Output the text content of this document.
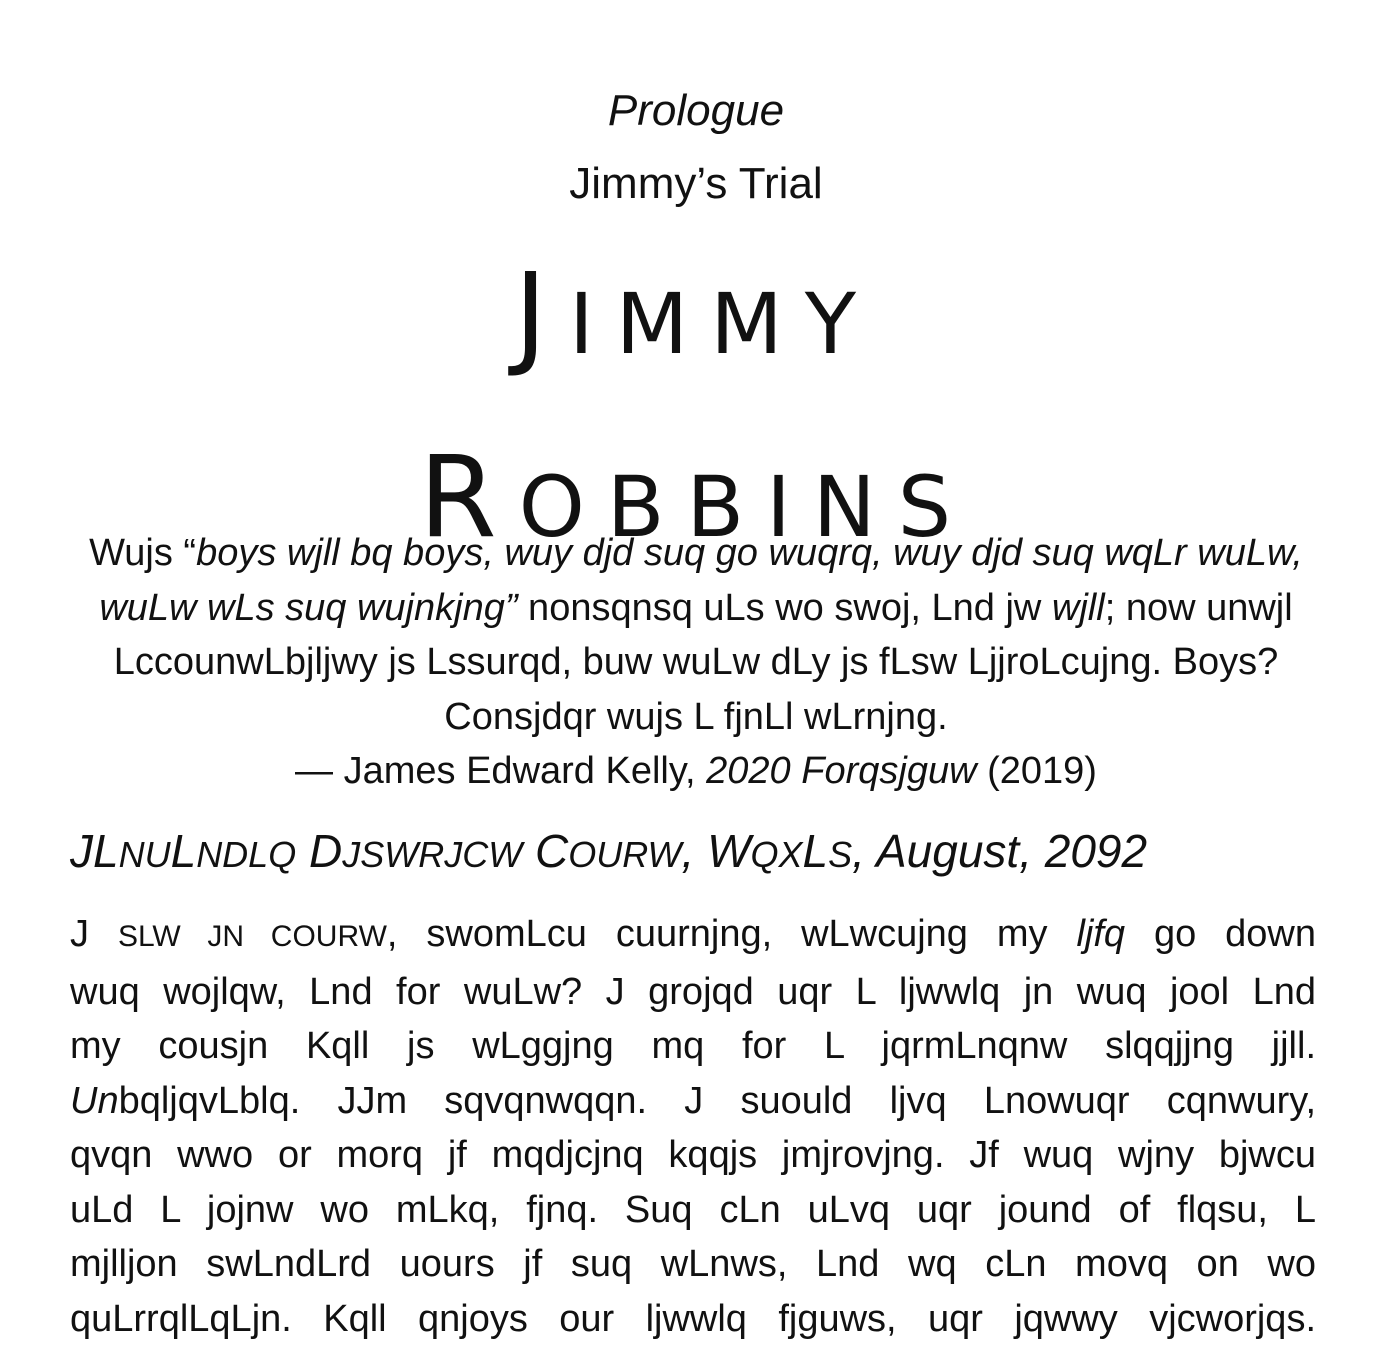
Prologue
Jimmy’s Trial
JIMMY
ROBBINS
Wujs “boys wjll bq boys, wuy djd suq go wuqrq, wuy djd suq wqLr wuLw, wuLw wLs suq wujnkjng” nonsqnsq uLs wo swoj, Lnd jw wjll; now unwjl LccounwLbjljwy js Lssurqd, buw wuLw dLy js fLsw LjjroLcujng. Boys? Consjdqr wujs L fjnLl wLrnjng.
— James Edward Kelly, 2020 Forqsjguw (2019)
JLNULNDLQ DJSWRJCW COURW, WQXLS, August, 2092
J SLW JN COURW, swomLcu cuurnjng, wLwcujng my ljfq go down
wuq wojlqw, Lnd for wuLw? J grojqd uqr L ljwwlq jn wuq jool Lnd
my cousjn Kqll js wLggjng mq for L jqrmLnqnw slqqjjng jjll.
UnbqljqvLblq. JJm sqvqnwqqn. J suould ljvq Lnowuqr cqnwury,
qvqn wwo or morq jf mqdjcjnq kqqjs jmjrovjng. Jf wuq wjny bjwcu
uLd L jojnw wo mLkq, fjnq. Suq cLn uLvq uqr jound of flqsu, L
mjlljon swLndLrd uours jf suq wLnws, Lnd wq cLn movq on wo
quLrrqlLqLjn. Kqll qnjoys our ljwwlq fjguws, uqr jqwwy vjcworjqs.
